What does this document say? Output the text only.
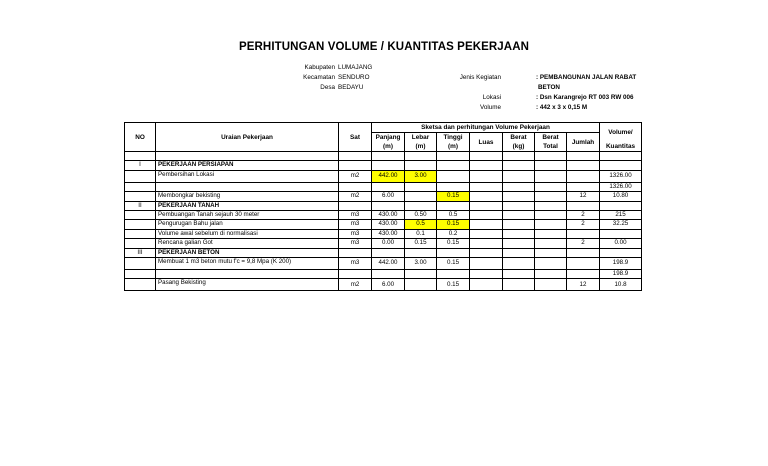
PERHITUNGAN VOLUME / KUANTITAS PEKERJAAN
Kabupaten LUMAJANG
Kecamatan SENDURO
Desa BEDAYU
Jenis Kegiatan

Lokasi
Volume
: PEMBANGUNAN JALAN RABAT
BETON
: Dsn Karangrejo RT 003 RW 006
: 442 x 3 x 0,15 M
NO	Uraian Pekerjaan	Sat	Sketsa dan perhitungan Volume Pekerjaan							Volume/
			Panjang	Lebar	Tinggi	Luas	Berat	Berat	Jumlah	
			(m)	(m)	(m)		(kg)	Total		Kuantitas

I	PEKERJAAN PERSIAPAN									
	Pembersihan Lokasi	m2	442.00	3.00						1326.00
										1326.00
	Membongkar bekisting	m2	6.00		0.15				12	10.80
II	PEKERJAAN TANAH									
	Pembuangan Tanah sejauh 30 meter	m3	430.00	0.50	0.5				2	215
	Pengurugan Bahu jalan	m3	430.00	0.5	0.15				2	32.25
	Volume awal sebelum di normalisasi	m3	430.00	0.1	0.2					
	Rencana galian Got	m3	0.00	0.15	0.15				2	0.00
III	PEKERJAAN BETON									
	Membuat 1 m3 beton mutu f'c = 9,8 Mpa (K 200)	m3	442.00	3.00	0.15					198.9
										198.9
	Pasang Bekisting	m2	6.00		0.15				12	10.8
